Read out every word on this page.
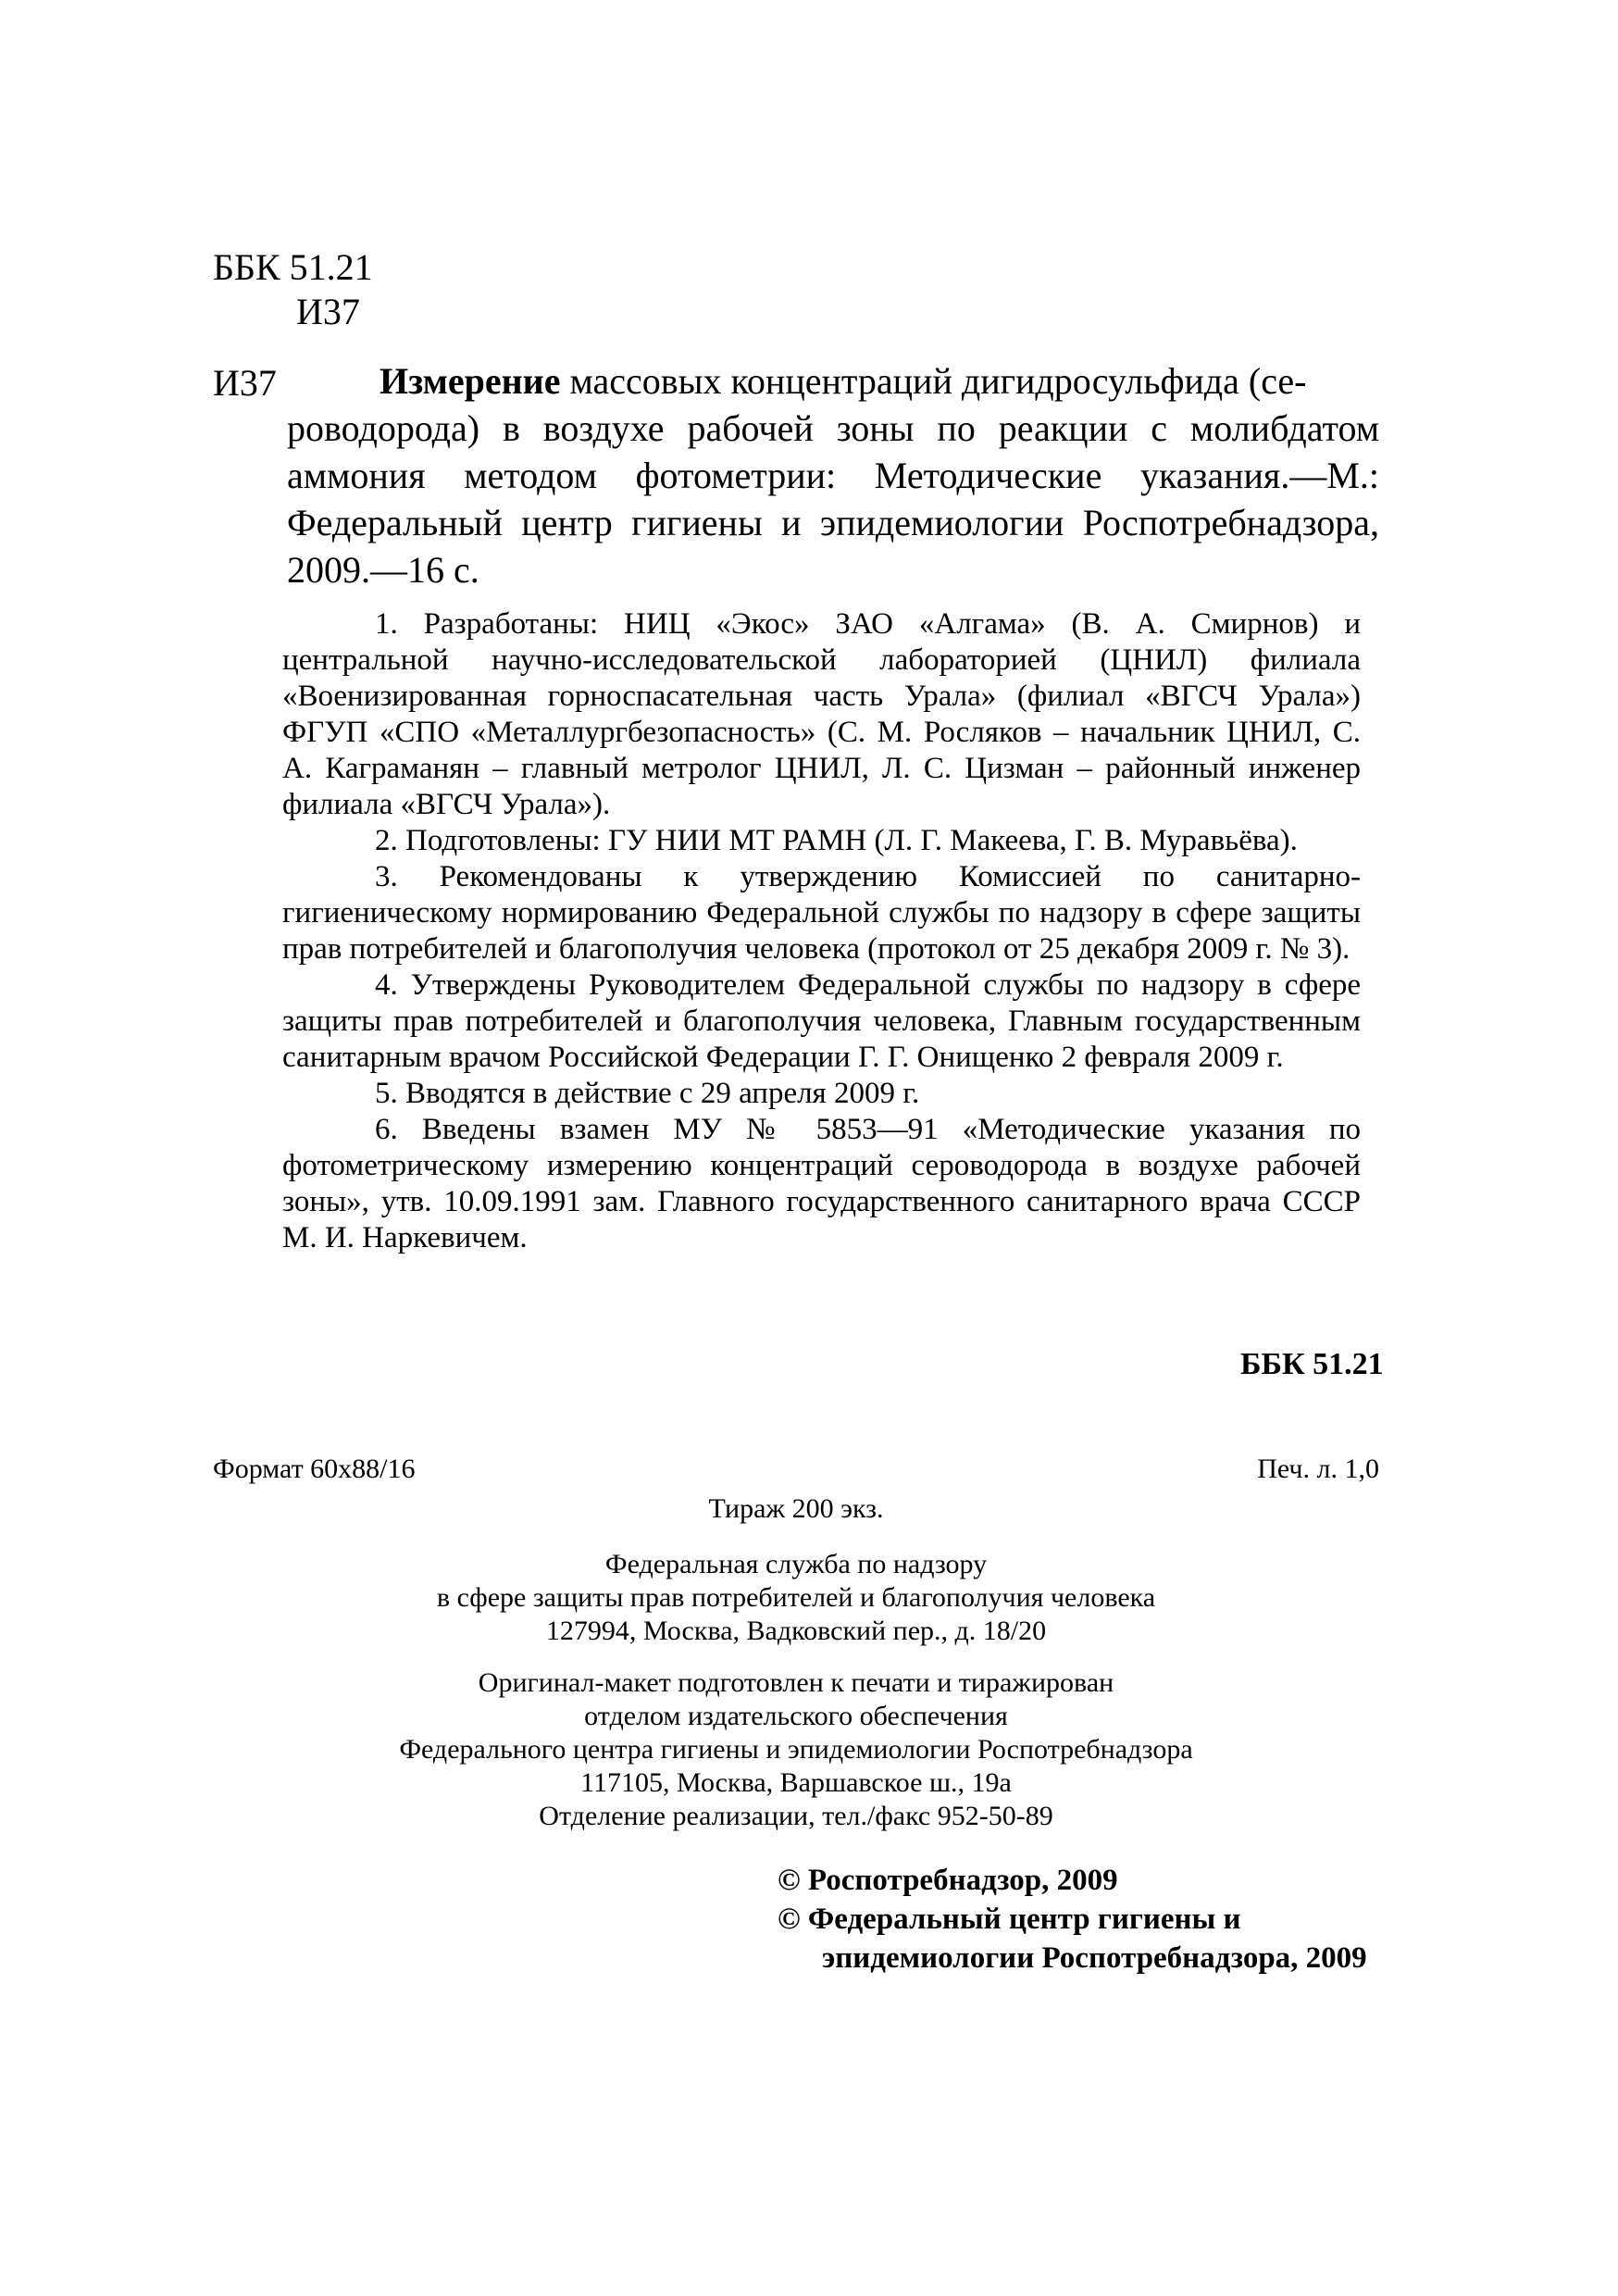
ББК 51.21
И37
И37	Измерение массовых концентраций дигидросульфида (се-

роводорода) в воздухе рабочей зоны по реакции с молибдатом аммония методом фотометрии: Методические указания.—М.: Федеральный центр гигиены и эпидемиологии Роспотребнадзора, 2009.—16 с.

1. Разработаны: НИЦ «Экос» ЗАО «Алгама» (В. А. Смирнов) и центральной научно-исследовательской лабораторией (ЦНИЛ) филиала «Военизированная горноспасательная часть Урала» (филиал «ВГСЧ Урала») ФГУП «СПО «Металлургбезопасность» (С. М. Росляков – начальник ЦНИЛ, С. А. Каграманян – главный метролог ЦНИЛ, Л. С. Цизман – районный инженер филиала «ВГСЧ Урала»).

2. Подготовлены: ГУ НИИ МТ РАМН (Л. Г. Макеева, Г. В. Муравьёва).

3. Рекомендованы к утверждению Комиссией по санитарно-гигиеническому нормированию Федеральной службы по надзору в сфере защиты прав потребителей и благополучия человека (протокол от 25 декабря 2009 г. № 3).

4. Утверждены Руководителем Федеральной службы по надзору в сфере защиты прав потребителей и благополучия человека, Главным государственным санитарным врачом Российской Федерации Г. Г. Онищенко 2 февраля 2009 г.

5. Вводятся в действие с 29 апреля 2009 г.

6. Введены взамен МУ № 5853—91 «Методические указания по фотометрическому измерению концентраций сероводорода в воздухе рабочей зоны», утв. 10.09.1991 зам. Главного государственного санитарного врача СССР М. И. Наркевичем.

ББК 51.21
Формат 60x88/16	Печ. л. 1,0
Тираж 200 экз.
Федеральная служба по надзору
в сфере защиты прав потребителей и благополучия человека
127994, Москва, Вадковский пер., д. 18/20
Оригинал-макет подготовлен к печати и тиражирован
отделом издательского обеспечения
Федерального центра гигиены и эпидемиологии Роспотребнадзора
117105, Москва, Варшавское ш., 19а
Отделение реализации, тел./факс 952-50-89
© Роспотребнадзор, 2009
© Федеральный центр гигиены и
эпидемиологии Роспотребнадзора, 2009
